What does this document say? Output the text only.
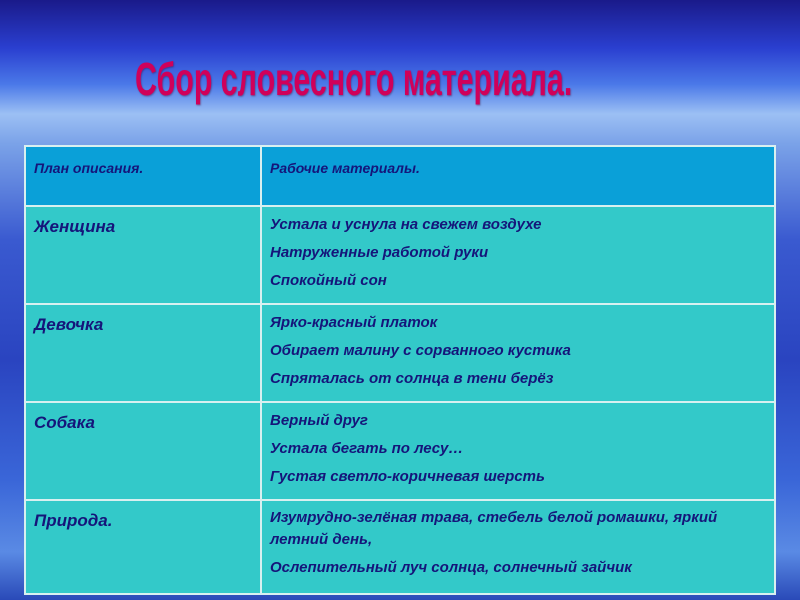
Сбор словесного материала.
План описания.	Рабочие материалы.
Женщина	Устала и уснула на свежем воздухе
Натруженные работой руки
Спокойный сон

Девочка	Ярко-красный платок
Обирает малину с сорванного кустика
Спряталась от солнца в тени берёз

Собака	Верный друг
Устала бегать по лесу…
Густая светло-коричневая шерсть

Природа.	Изумрудно-зелёная трава, стебель белой ромашки, яркий летний день,
Ослепительный луч солнца, солнечный зайчик
